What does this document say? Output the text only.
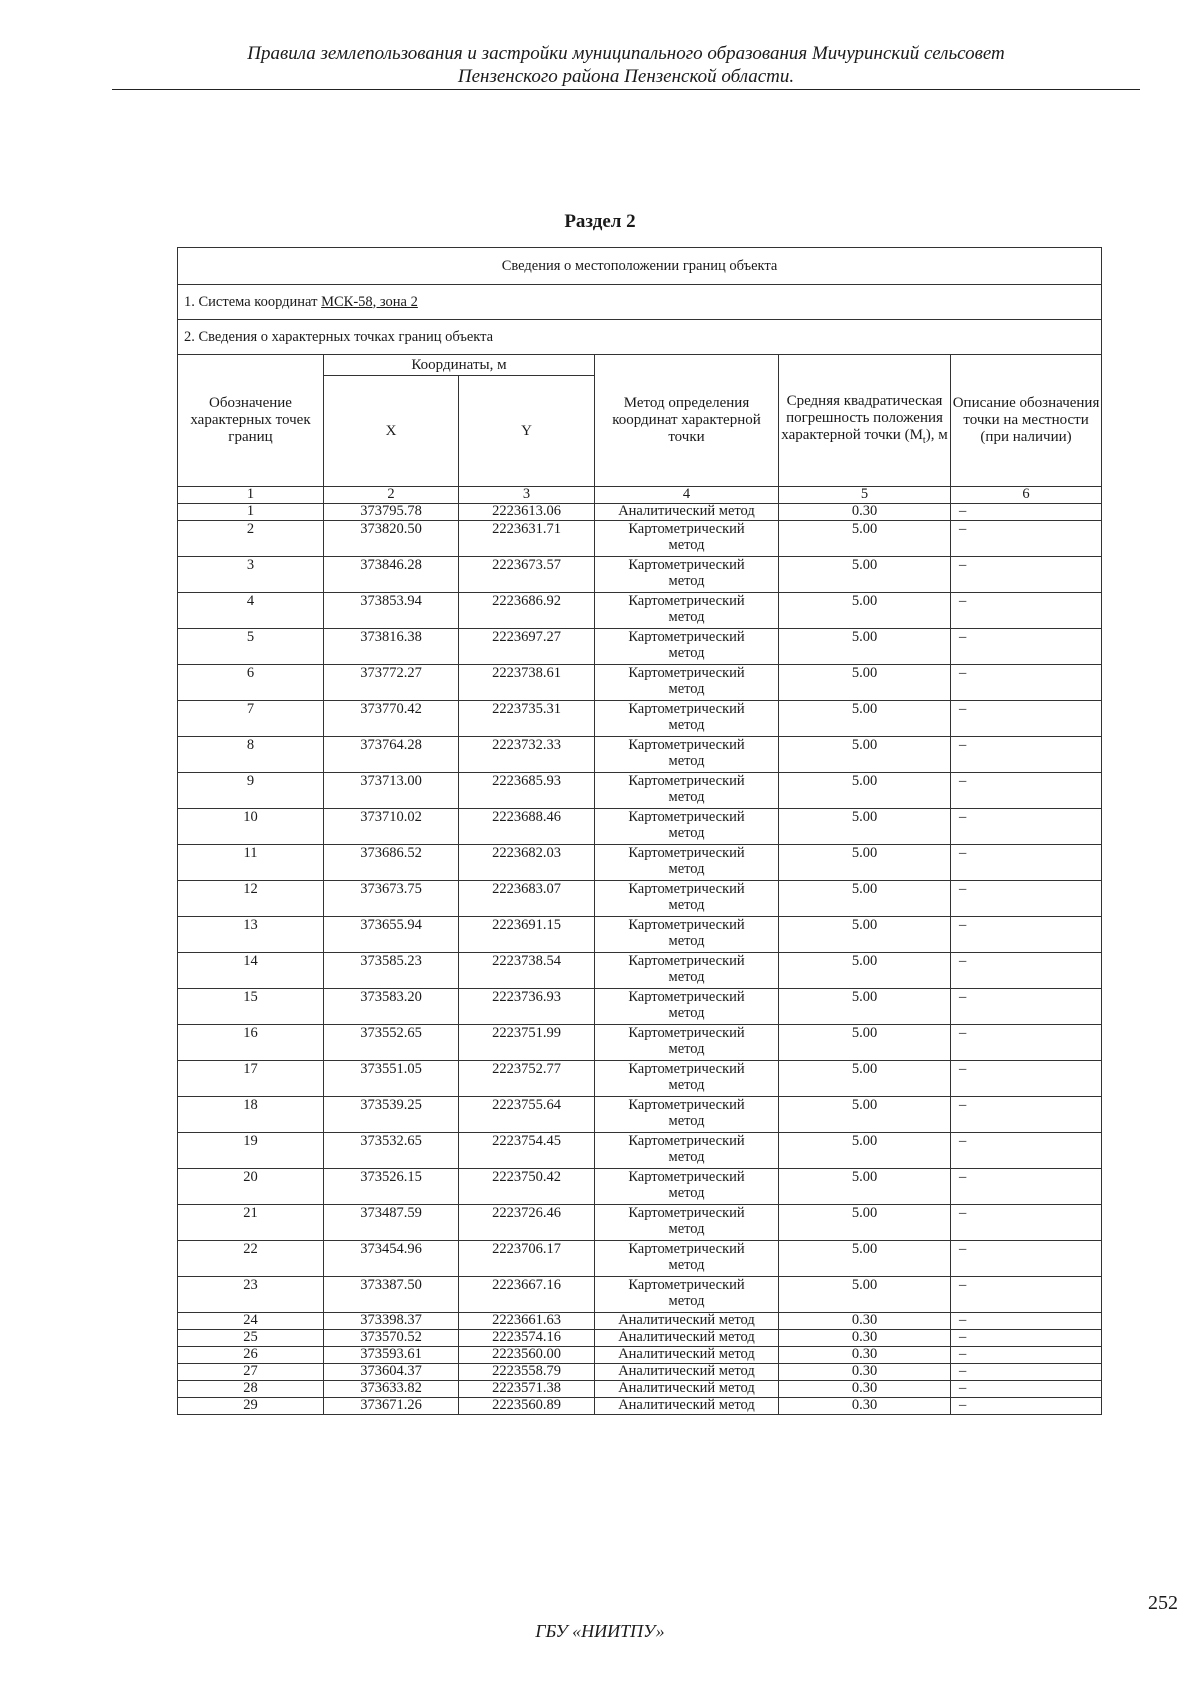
Правила землепользования и застройки муниципального образования Мичуринский сельсовет
Пензенского района Пензенской области.
Раздел 2
Сведения о местоположении границ объекта					
1. Система координат МСК-58, зона 2					
2. Сведения о характерных точках границ объекта					
Обозначение характерных точек границ	Координаты, м		Метод определения координат характерной точки	Средняя квадратическая погрешность положения характерной точки $(M_t)$, м	Описание обозначения точки на местности (при наличии)
	X	Y			
1	2	3	4	5	6
1	373795.78	2223613.06	Аналитический метод	0.30	–
2	373820.50	2223631.71	Картометрический метод	5.00	–
3	373846.28	2223673.57	Картометрический метод	5.00	–
4	373853.94	2223686.92	Картометрический метод	5.00	–
5	373816.38	2223697.27	Картометрический метод	5.00	–
6	373772.27	2223738.61	Картометрический метод	5.00	–
7	373770.42	2223735.31	Картометрический метод	5.00	–
8	373764.28	2223732.33	Картометрический метод	5.00	–
9	373713.00	2223685.93	Картометрический метод	5.00	–
10	373710.02	2223688.46	Картометрический метод	5.00	–
11	373686.52	2223682.03	Картометрический метод	5.00	–
12	373673.75	2223683.07	Картометрический метод	5.00	–
13	373655.94	2223691.15	Картометрический метод	5.00	–
14	373585.23	2223738.54	Картометрический метод	5.00	–
15	373583.20	2223736.93	Картометрический метод	5.00	–
16	373552.65	2223751.99	Картометрический метод	5.00	–
17	373551.05	2223752.77	Картометрический метод	5.00	–
18	373539.25	2223755.64	Картометрический метод	5.00	–
19	373532.65	2223754.45	Картометрический метод	5.00	–
20	373526.15	2223750.42	Картометрический метод	5.00	–
21	373487.59	2223726.46	Картометрический метод	5.00	–
22	373454.96	2223706.17	Картометрический метод	5.00	–
23	373387.50	2223667.16	Картометрический метод	5.00	–
24	373398.37	2223661.63	Аналитический метод	0.30	–
25	373570.52	2223574.16	Аналитический метод	0.30	–
26	373593.61	2223560.00	Аналитический метод	0.30	–
27	373604.37	2223558.79	Аналитический метод	0.30	–
28	373633.82	2223571.38	Аналитический метод	0.30	–
29	373671.26	2223560.89	Аналитический метод	0.30	–
ГБУ «НИИТПУ»
252
